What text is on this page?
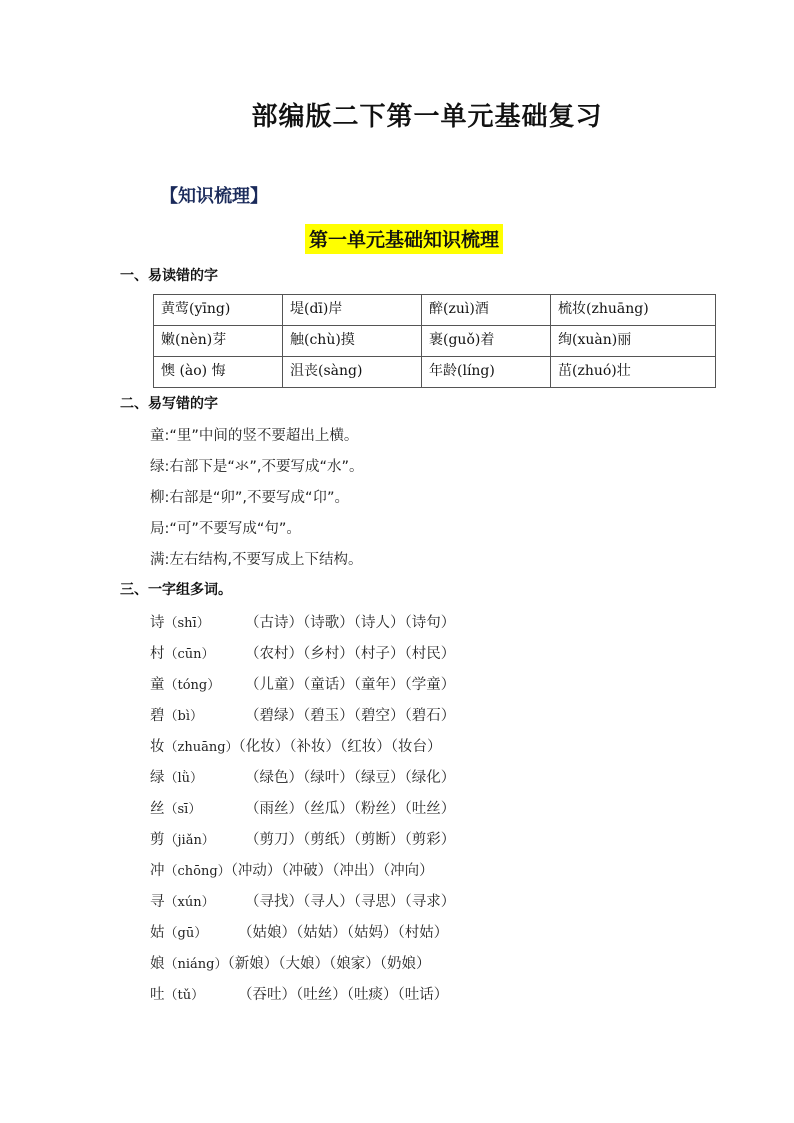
部编版二下第一单元基础复习
【知识梳理】
第一单元基础知识梳理
一、易读错的字
黄莺(yīng)	堤(dī)岸	醉(zuì)酒	梳妆(zhuāng)
嫩(nèn)芽	触(chù)摸	裹(guǒ)着	绚(xuàn)丽
懊 (ào) 悔	沮丧(sàng)	年龄(líng)	茁(zhuó)壮
二、易写错的字
童:“里”中间的竖不要超出上横。
绿:右部下是“氺”,不要写成“水”。
柳:右部是“卯”,不要写成“卬”。
局:“可”不要写成“句”。
满:左右结构,不要写成上下结构。
三、一字组多词。
诗（shī） （古诗）（诗歌）（诗人）（诗句）
村（cūn） （农村）（乡村）（村子）（村民）
童（tóng） （儿童）（童话）（童年）（学童）
碧（bì）	（碧绿）（碧玉）（碧空）（碧石）
妆（zhuāng）（化妆）（补妆）（红妆）（妆台）
绿（lǜ）	（绿色）（绿叶）（绿豆）（绿化）
丝（sī）	（雨丝）（丝瓜）（粉丝）（吐丝）
剪（jiǎn） （剪刀）（剪纸）（剪断）（剪彩）
冲（chōng）（冲动）（冲破）（冲出）（冲向）
寻（xún） （寻找）（寻人）（寻思）（寻求）
姑（gū） （姑娘）（姑姑）（姑妈）（村姑）
娘（niáng）（新娘）（大娘）（娘家）（奶娘）
吐（tǔ） （吞吐）（吐丝）（吐痰）（吐话）
